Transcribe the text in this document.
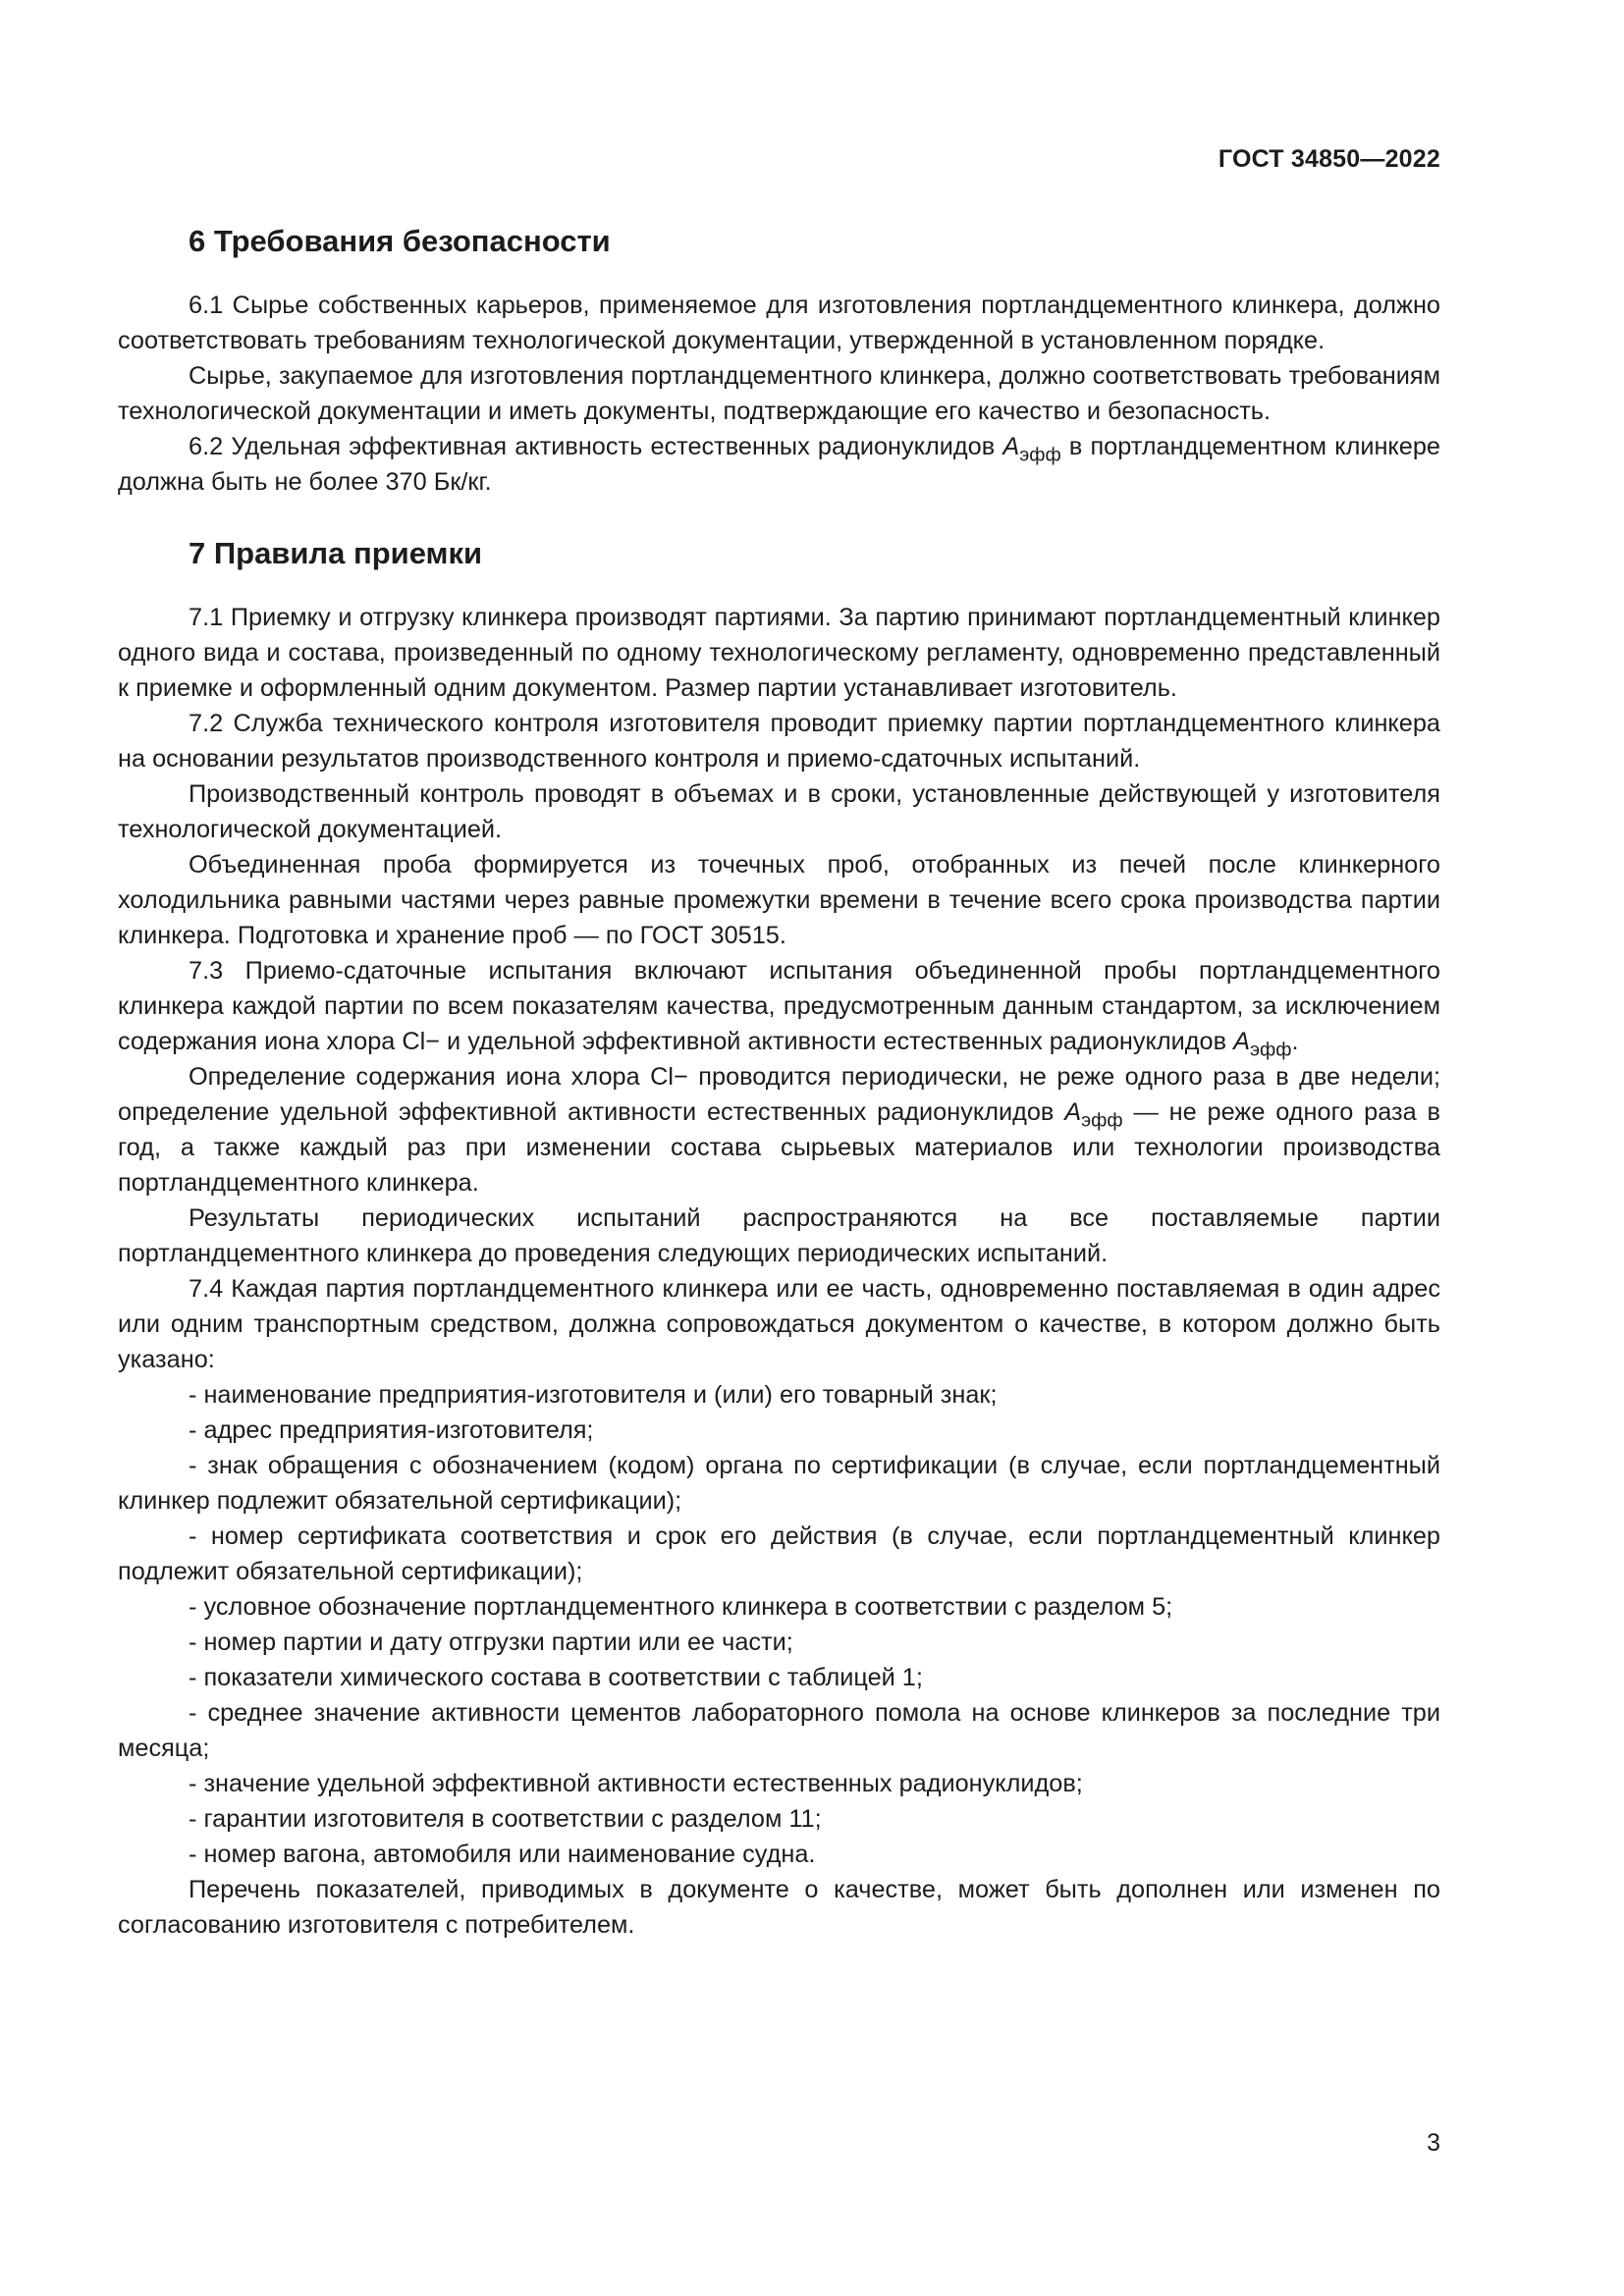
ГОСТ 34850—2022
6 Требования безопасности

6.1 Сырье собственных карьеров, применяемое для изготовления портландцементного клинкера, должно соответствовать требованиям технологической документации, утвержденной в установленном порядке.

Сырье, закупаемое для изготовления портландцементного клинкера, должно соответствовать требованиям технологической документации и иметь документы, подтверждающие его качество и безопасность.

6.2 Удельная эффективная активность естественных радионуклидов $A_{эфф}$ в портландцементном клинкере должна быть не более 370 Бк/кг.

7 Правила приемки

7.1 Приемку и отгрузку клинкера производят партиями. За партию принимают портландцементный клинкер одного вида и состава, произведенный по одному технологическому регламенту, одновременно представленный к приемке и оформленный одним документом. Размер партии устанавливает изготовитель.

7.2 Служба технического контроля изготовителя проводит приемку партии портландцементного клинкера на основании результатов производственного контроля и приемо-сдаточных испытаний.

Производственный контроль проводят в объемах и в сроки, установленные действующей у изготовителя технологической документацией.

Объединенная проба формируется из точечных проб, отобранных из печей после клинкерного холодильника равными частями через равные промежутки времени в течение всего срока производства партии клинкера. Подготовка и хранение проб — по ГОСТ 30515.

7.3 Приемо-сдаточные испытания включают испытания объединенной пробы портландцементного клинкера каждой партии по всем показателям качества, предусмотренным данным стандартом, за исключением содержания иона хлора Cl− и удельной эффективной активности естественных радионуклидов $A_{эфф}$.

Определение содержания иона хлора Cl− проводится периодически, не реже одного раза в две недели; определение удельной эффективной активности естественных радионуклидов $A_{эфф}$ — не реже одного раза в год, а также каждый раз при изменении состава сырьевых материалов или технологии производства портландцементного клинкера.

Результаты периодических испытаний распространяются на все поставляемые партии портландцементного клинкера до проведения следующих периодических испытаний.

7.4 Каждая партия портландцементного клинкера или ее часть, одновременно поставляемая в один адрес или одним транспортным средством, должна сопровождаться документом о качестве, в котором должно быть указано:

- наименование предприятия-изготовителя и (или) его товарный знак;

- адрес предприятия-изготовителя;

- знак обращения с обозначением (кодом) органа по сертификации (в случае, если портландцементный клинкер подлежит обязательной сертификации);

- номер сертификата соответствия и срок его действия (в случае, если портландцементный клинкер подлежит обязательной сертификации);

- условное обозначение портландцементного клинкера в соответствии с разделом 5;

- номер партии и дату отгрузки партии или ее части;

- показатели химического состава в соответствии с таблицей 1;

- среднее значение активности цементов лабораторного помола на основе клинкеров за последние три месяца;

- значение удельной эффективной активности естественных радионуклидов;

- гарантии изготовителя в соответствии с разделом 11;

- номер вагона, автомобиля или наименование судна.

Перечень показателей, приводимых в документе о качестве, может быть дополнен или изменен по согласованию изготовителя с потребителем.

3
